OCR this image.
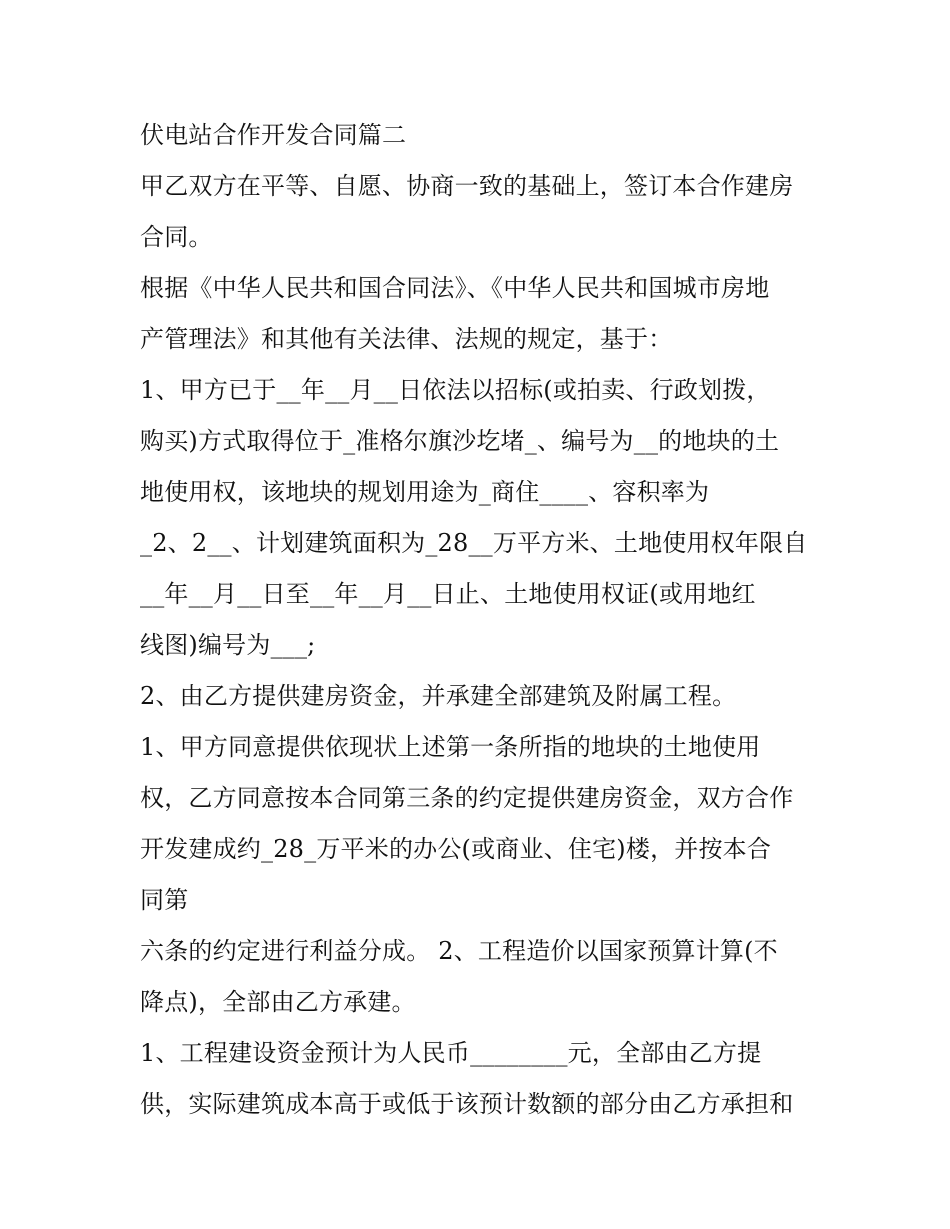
伏电站合作开发合同篇二
甲乙双方在平等、自愿、协商一致的基础上，签订本合作建房
合同。
根据《中华人民共和国合同法》、《中华人民共和国城市房地
产管理法》和其他有关法律、法规的规定，基于：
1、甲方已于__年__月__日依法以招标(或拍卖、行政划拨，
购买)方式取得位于_准格尔旗沙圪堵_、编号为__的地块的土
地使用权，该地块的规划用途为_商住____、容积率为
_2、2__、计划建筑面积为_28__万平方米、土地使用权年限自
__年__月__日至__年__月__日止、土地使用权证(或用地红
线图)编号为___;
2、由乙方提供建房资金，并承建全部建筑及附属工程。
1、甲方同意提供依现状上述第一条所指的地块的土地使用
权，乙方同意按本合同第三条的约定提供建房资金，双方合作
开发建成约_28_万平米的办公(或商业、住宅)楼，并按本合
同第
六条的约定进行利益分成。 2、工程造价以国家预算计算(不
降点)，全部由乙方承建。
1、工程建设资金预计为人民币________元，全部由乙方提
供，实际建筑成本高于或低于该预计数额的部分由乙方承担和
